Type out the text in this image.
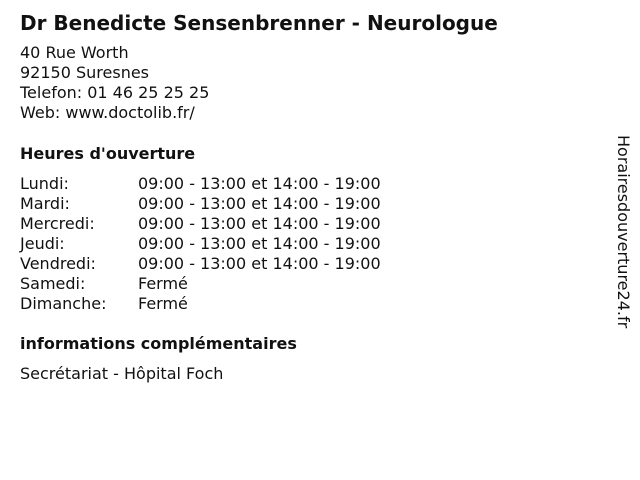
Dr Benedicte Sensenbrenner - Neurologue
40 Rue Worth
92150 Suresnes
Telefon: 01 46 25 25 25
Web: www.doctolib.fr/
Heures d'ouverture
Lundi:	09:00 - 13:00 et 14:00 - 19:00
Mardi:	09:00 - 13:00 et 14:00 - 19:00
Mercredi:	09:00 - 13:00 et 14:00 - 19:00
Jeudi:	09:00 - 13:00 et 14:00 - 19:00
Vendredi:	09:00 - 13:00 et 14:00 - 19:00
Samedi:	Fermé
Dimanche:	Fermé
informations complémentaires
Secrétariat - Hôpital Foch
Horairesdouverture24.fr
